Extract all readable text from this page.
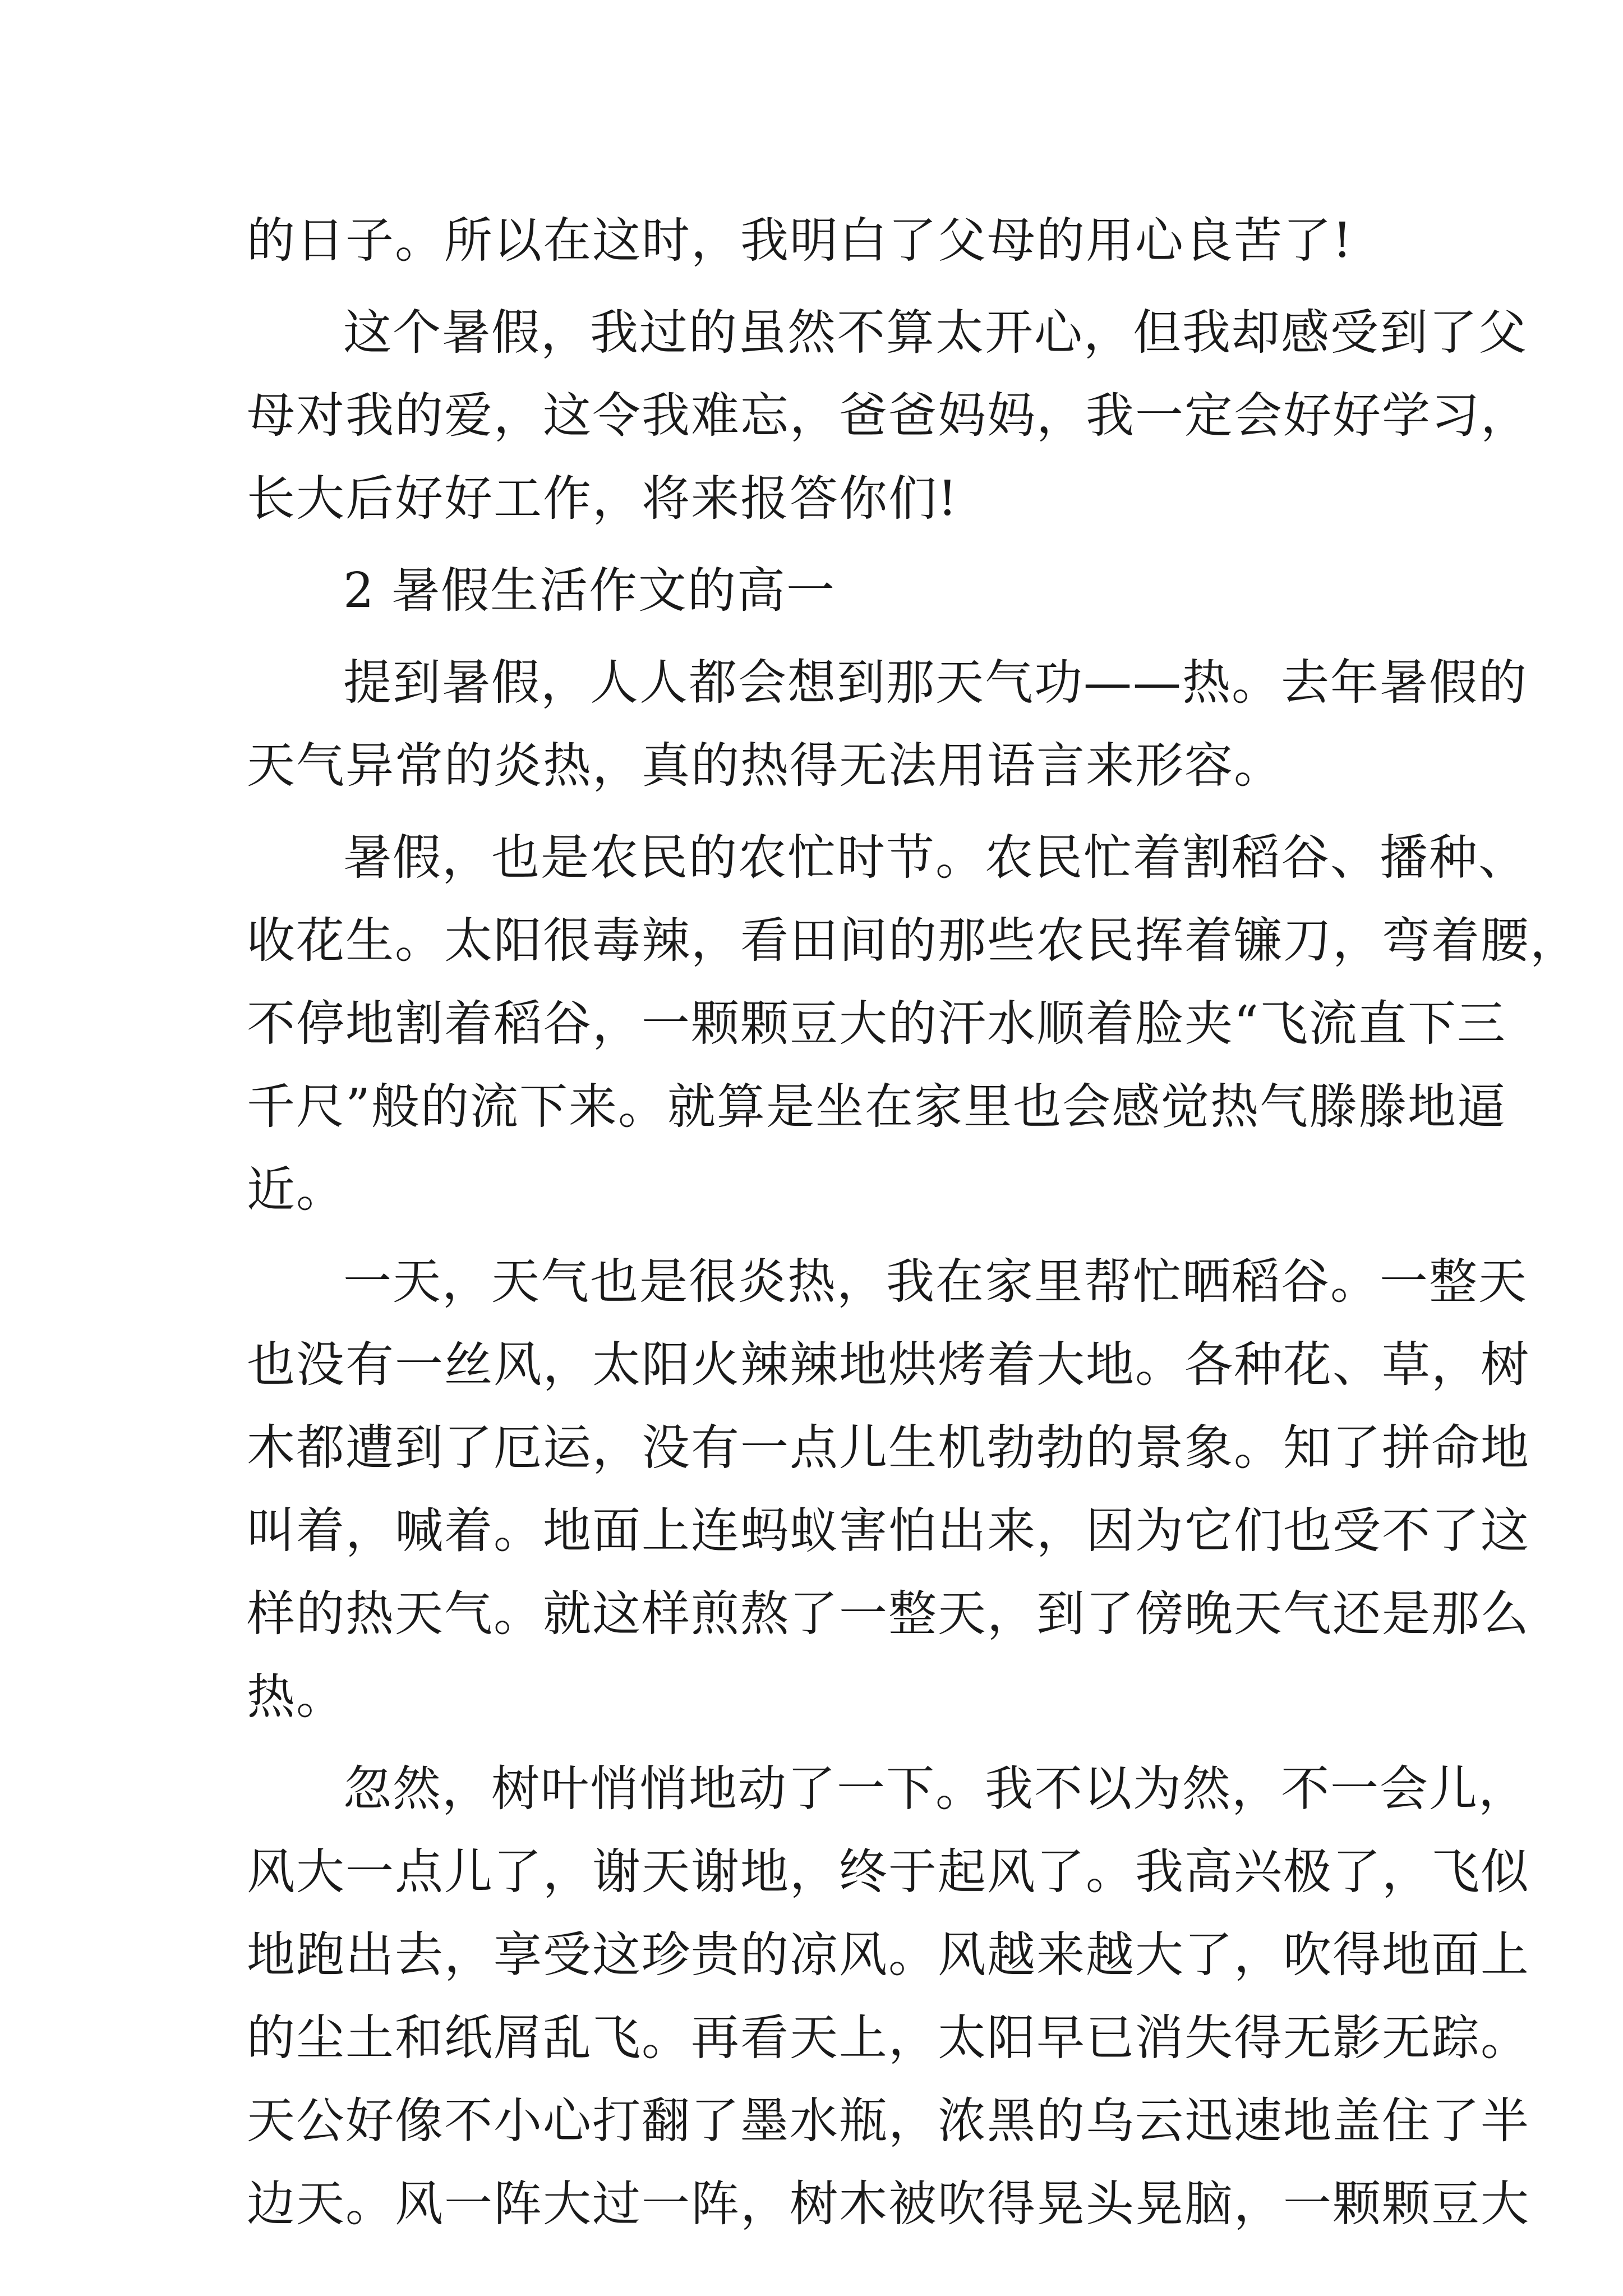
的日子。所以在这时，我明白了父母的用心良苦了!
这个暑假，我过的虽然不算太开心，但我却感受到了父
母对我的爱，这令我难忘，爸爸妈妈，我一定会好好学习，
长大后好好工作，将来报答你们!
2 暑假生活作文的高一
提到暑假，人人都会想到那天气功——热。去年暑假的
天气异常的炎热，真的热得无法用语言来形容。
暑假，也是农民的农忙时节。农民忙着割稻谷、播种、
收花生。太阳很毒辣，看田间的那些农民挥着镰刀，弯着腰，
不停地割着稻谷，一颗颗豆大的汗水顺着脸夹“飞流直下三
千尺”般的流下来。就算是坐在家里也会感觉热气滕滕地逼
近。
一天，天气也是很炎热，我在家里帮忙晒稻谷。一整天
也没有一丝风，太阳火辣辣地烘烤着大地。各种花、草，树
木都遭到了厄运，没有一点儿生机勃勃的景象。知了拼命地
叫着，喊着。地面上连蚂蚁害怕出来，因为它们也受不了这
样的热天气。就这样煎熬了一整天，到了傍晚天气还是那么
热。
忽然，树叶悄悄地动了一下。我不以为然，不一会儿，
风大一点儿了，谢天谢地，终于起风了。我高兴极了，飞似
地跑出去，享受这珍贵的凉风。风越来越大了，吹得地面上
的尘土和纸屑乱飞。再看天上，太阳早已消失得无影无踪。
天公好像不小心打翻了墨水瓶，浓黑的乌云迅速地盖住了半
边天。风一阵大过一阵，树木被吹得晃头晃脑，一颗颗豆大
